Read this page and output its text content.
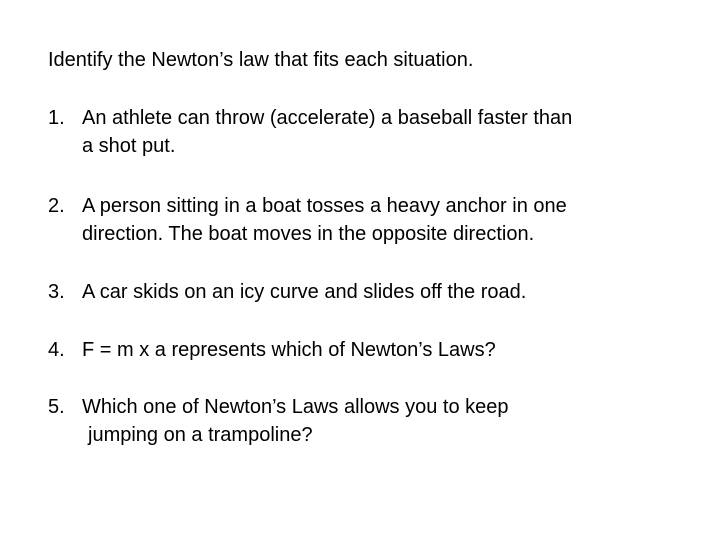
Identify the Newton’s law that fits each situation.
1. An athlete can throw (accelerate) a baseball faster than
a shot put.
2. A person sitting in a boat tosses a heavy anchor in one
direction. The boat moves in the opposite direction.
3. A car skids on an icy curve and slides off the road.
4. F = m x a represents which of Newton’s Laws?
5. Which one of Newton’s Laws allows you to keep
jumping on a trampoline?
